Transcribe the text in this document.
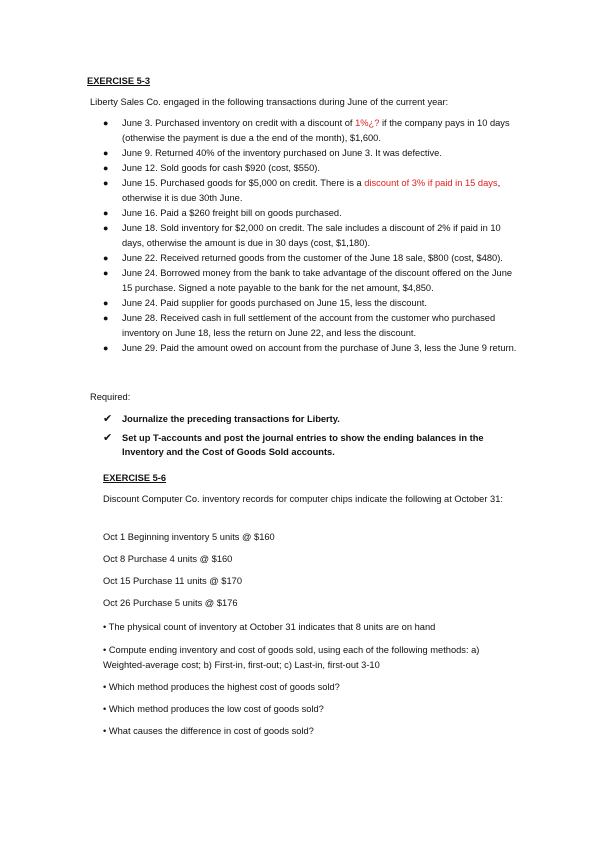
EXERCISE 5-3
Liberty Sales Co. engaged in the following transactions during June of the current year:
● June 3. Purchased inventory on credit with a discount of 1%¿? if the company pays in 10 days (otherwise the payment is due a the end of the month), $1,600.
● June 9. Returned 40% of the inventory purchased on June 3. It was defective.
● June 12. Sold goods for cash $920 (cost, $550).
● June 15. Purchased goods for $5,000 on credit. There is a discount of 3% if paid in 15 days, otherwise it is due 30th June.
● June 16. Paid a $260 freight bill on goods purchased.
● June 18. Sold inventory for $2,000 on credit. The sale includes a discount of 2% if paid in 10 days, otherwise the amount is due in 30 days (cost, $1,180).
● June 22. Received returned goods from the customer of the June 18 sale, $800 (cost, $480).
● June 24. Borrowed money from the bank to take advantage of the discount offered on the June 15 purchase. Signed a note payable to the bank for the net amount, $4,850.
● June 24. Paid supplier for goods purchased on June 15, less the discount.
● June 28. Received cash in full settlement of the account from the customer who purchased inventory on June 18, less the return on June 22, and less the discount.
● June 29. Paid the amount owed on account from the purchase of June 3, less the June 9 return.
Required:
✔ Journalize the preceding transactions for Liberty.
✔ Set up T-accounts and post the journal entries to show the ending balances in the Inventory and the Cost of Goods Sold accounts.
EXERCISE 5-6
Discount Computer Co. inventory records for computer chips indicate the following at October 31:
Oct 1 Beginning inventory 5 units @ $160
Oct 8 Purchase 4 units @ $160
Oct 15 Purchase 11 units @ $170
Oct 26 Purchase 5 units @ $176
• The physical count of inventory at October 31 indicates that 8 units are on hand
• Compute ending inventory and cost of goods sold, using each of the following methods: a) Weighted-average cost; b) First-in, first-out; c) Last-in, first-out 3-10
• Which method produces the highest cost of goods sold?
• Which method produces the low cost of goods sold?
• What causes the difference in cost of goods sold?
